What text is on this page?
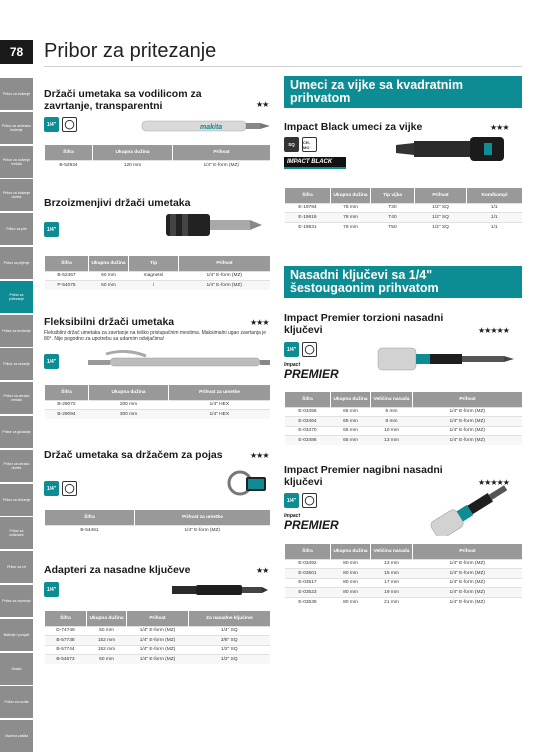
78	Pribor za pritezanje
Pribor za bušenje
Pribor za dubinsko bušenje
Pribor za bušenje metala
Pribor za bušenje drveta
Pribor za pile
Pribor za piljenje
Pribor za pritezanje
Pribor za brušenje
Pribor za rezanje
Pribor za obradu metala
Pribor za glodanje
Pribor za obradu drveta
Pribor za čišćenje
Pribor za usisivače
Pribor za vrt
Pribor za mjerenje
Baterije i punjači
Ostalo
Pribor za vozila
Osobna zaštita
Držači umetaka sa vodilicom za zavrtanje, transparentni	★★
1/4" ◯	makita
Šifra	Ukupna dužina	Prihvat
B-52934	120 mm	1/4" E-form (MZ)
Brzoizmenjivi držači umetaka
1/4"
Šifra	Ukupna dužina	Tip	Prihvat
B-52467	60 mm	magnetni	1/4" E-form (MZ)
P-54075	60 mm	/	1/4" E-form (MZ)
Fleksibilni držači umetaka	★★★
Fleksibilni držač umetaka za zavrtanje na teško pristupačnim mestima. Maksimalni ugao zavrtanja je 80°. Nije pogodno za upotrebu sa udarnim odvijačima!
1/4"
Šifra	Ukupna dužina	Prihvat za umetke
B-29072	200 mm	1/4" HEX
B-29094	300 mm	1/4" HEX
Držač umetaka sa držačem za pojas	★★★
1/4" ◯
Šifra	Prihvat za umetke
B-54461	1/4" E-form (MZ)
Adapteri za nasadne ključeve	★★
1/4"
Šifra	Ukupna dužina	Prihvat	Za nasadne ključeve
D-74749	50 mm	1/4" E-form (MZ)	1/4" SQ
B-57738	152 mm	1/4" E-form (MZ)	3/8" SQ
B-57744	152 mm	1/4" E-form (MZ)	1/2" SQ
B-54673	60 mm	1/4" E-form (MZ)	1/2" SQ
Umeci za vijke sa kvadratnim prihvatom
Impact Black umeci za vijke	★★★
SQ	CR-MO
IMPACT BLACK
Šifra	Ukupna dužina	Tip vijka	Prihvat	Kom/kompl
E-19794	78 mm	T30	1/2" SQ	1/1
E-19819	78 mm	T40	1/2" SQ	1/1
E-19831	78 mm	T50	1/2" SQ	1/1
Nasadni ključevi sa 1/4" šestougaonim prihvatom
Impact Premier torzioni nasadni ključevi	★★★★★
1/4" ◯
Impact
PREMIER
Šifra	Ukupna dužina	Veličina nasada	Prihvat
E-03458	65 mm	6 mm	1/4" E-form (MZ)
E-03464	65 mm	8 mm	1/4" E-form (MZ)
E-03470	65 mm	10 mm	1/4" E-form (MZ)
E-03486	65 mm	13 mm	1/4" E-form (MZ)
Impact Premier nagibni nasadni ključevi	★★★★★
1/4" ◯
Impact
PREMIER
Šifra	Ukupna dužina	Veličina nasada	Prihvat
E-03492	80 mm	13 mm	1/4" E-form (MZ)
E-03501	80 mm	15 mm	1/4" E-form (MZ)
E-03517	80 mm	17 mm	1/4" E-form (MZ)
E-03523	80 mm	19 mm	1/4" E-form (MZ)
E-03539	80 mm	21 mm	1/4" E-form (MZ)
